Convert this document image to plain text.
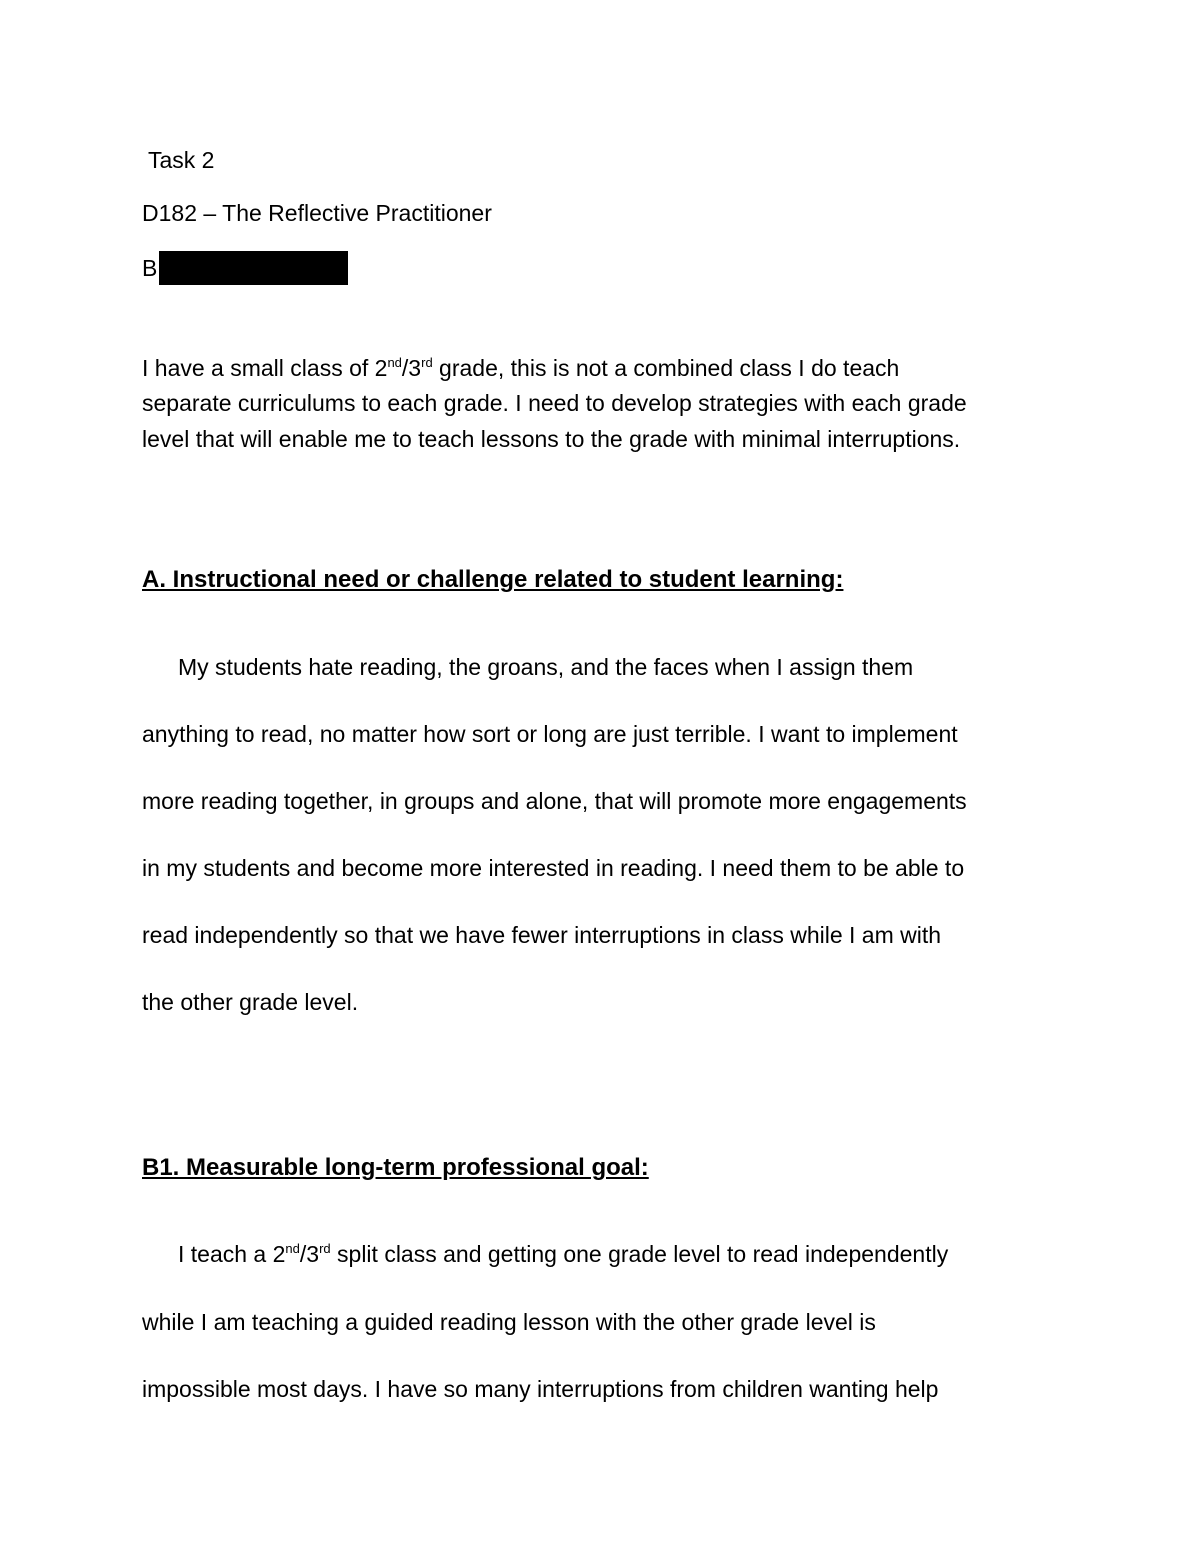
Task 2
D182 – The Reflective Practitioner
B
I have a small class of 2nd/3rd grade, this is not a combined class I do teach
separate curriculums to each grade. I need to develop strategies with each grade
level that will enable me to teach lessons to the grade with minimal interruptions.
A. Instructional need or challenge related to student learning:
My students hate reading, the groans, and the faces when I assign them
anything to read, no matter how sort or long are just terrible. I want to implement
more reading together, in groups and alone, that will promote more engagements
in my students and become more interested in reading. I need them to be able to
read independently so that we have fewer interruptions in class while I am with
the other grade level.
B1. Measurable long-term professional goal:
I teach a 2nd/3rd split class and getting one grade level to read independently
while I am teaching a guided reading lesson with the other grade level is
impossible most days. I have so many interruptions from children wanting help
